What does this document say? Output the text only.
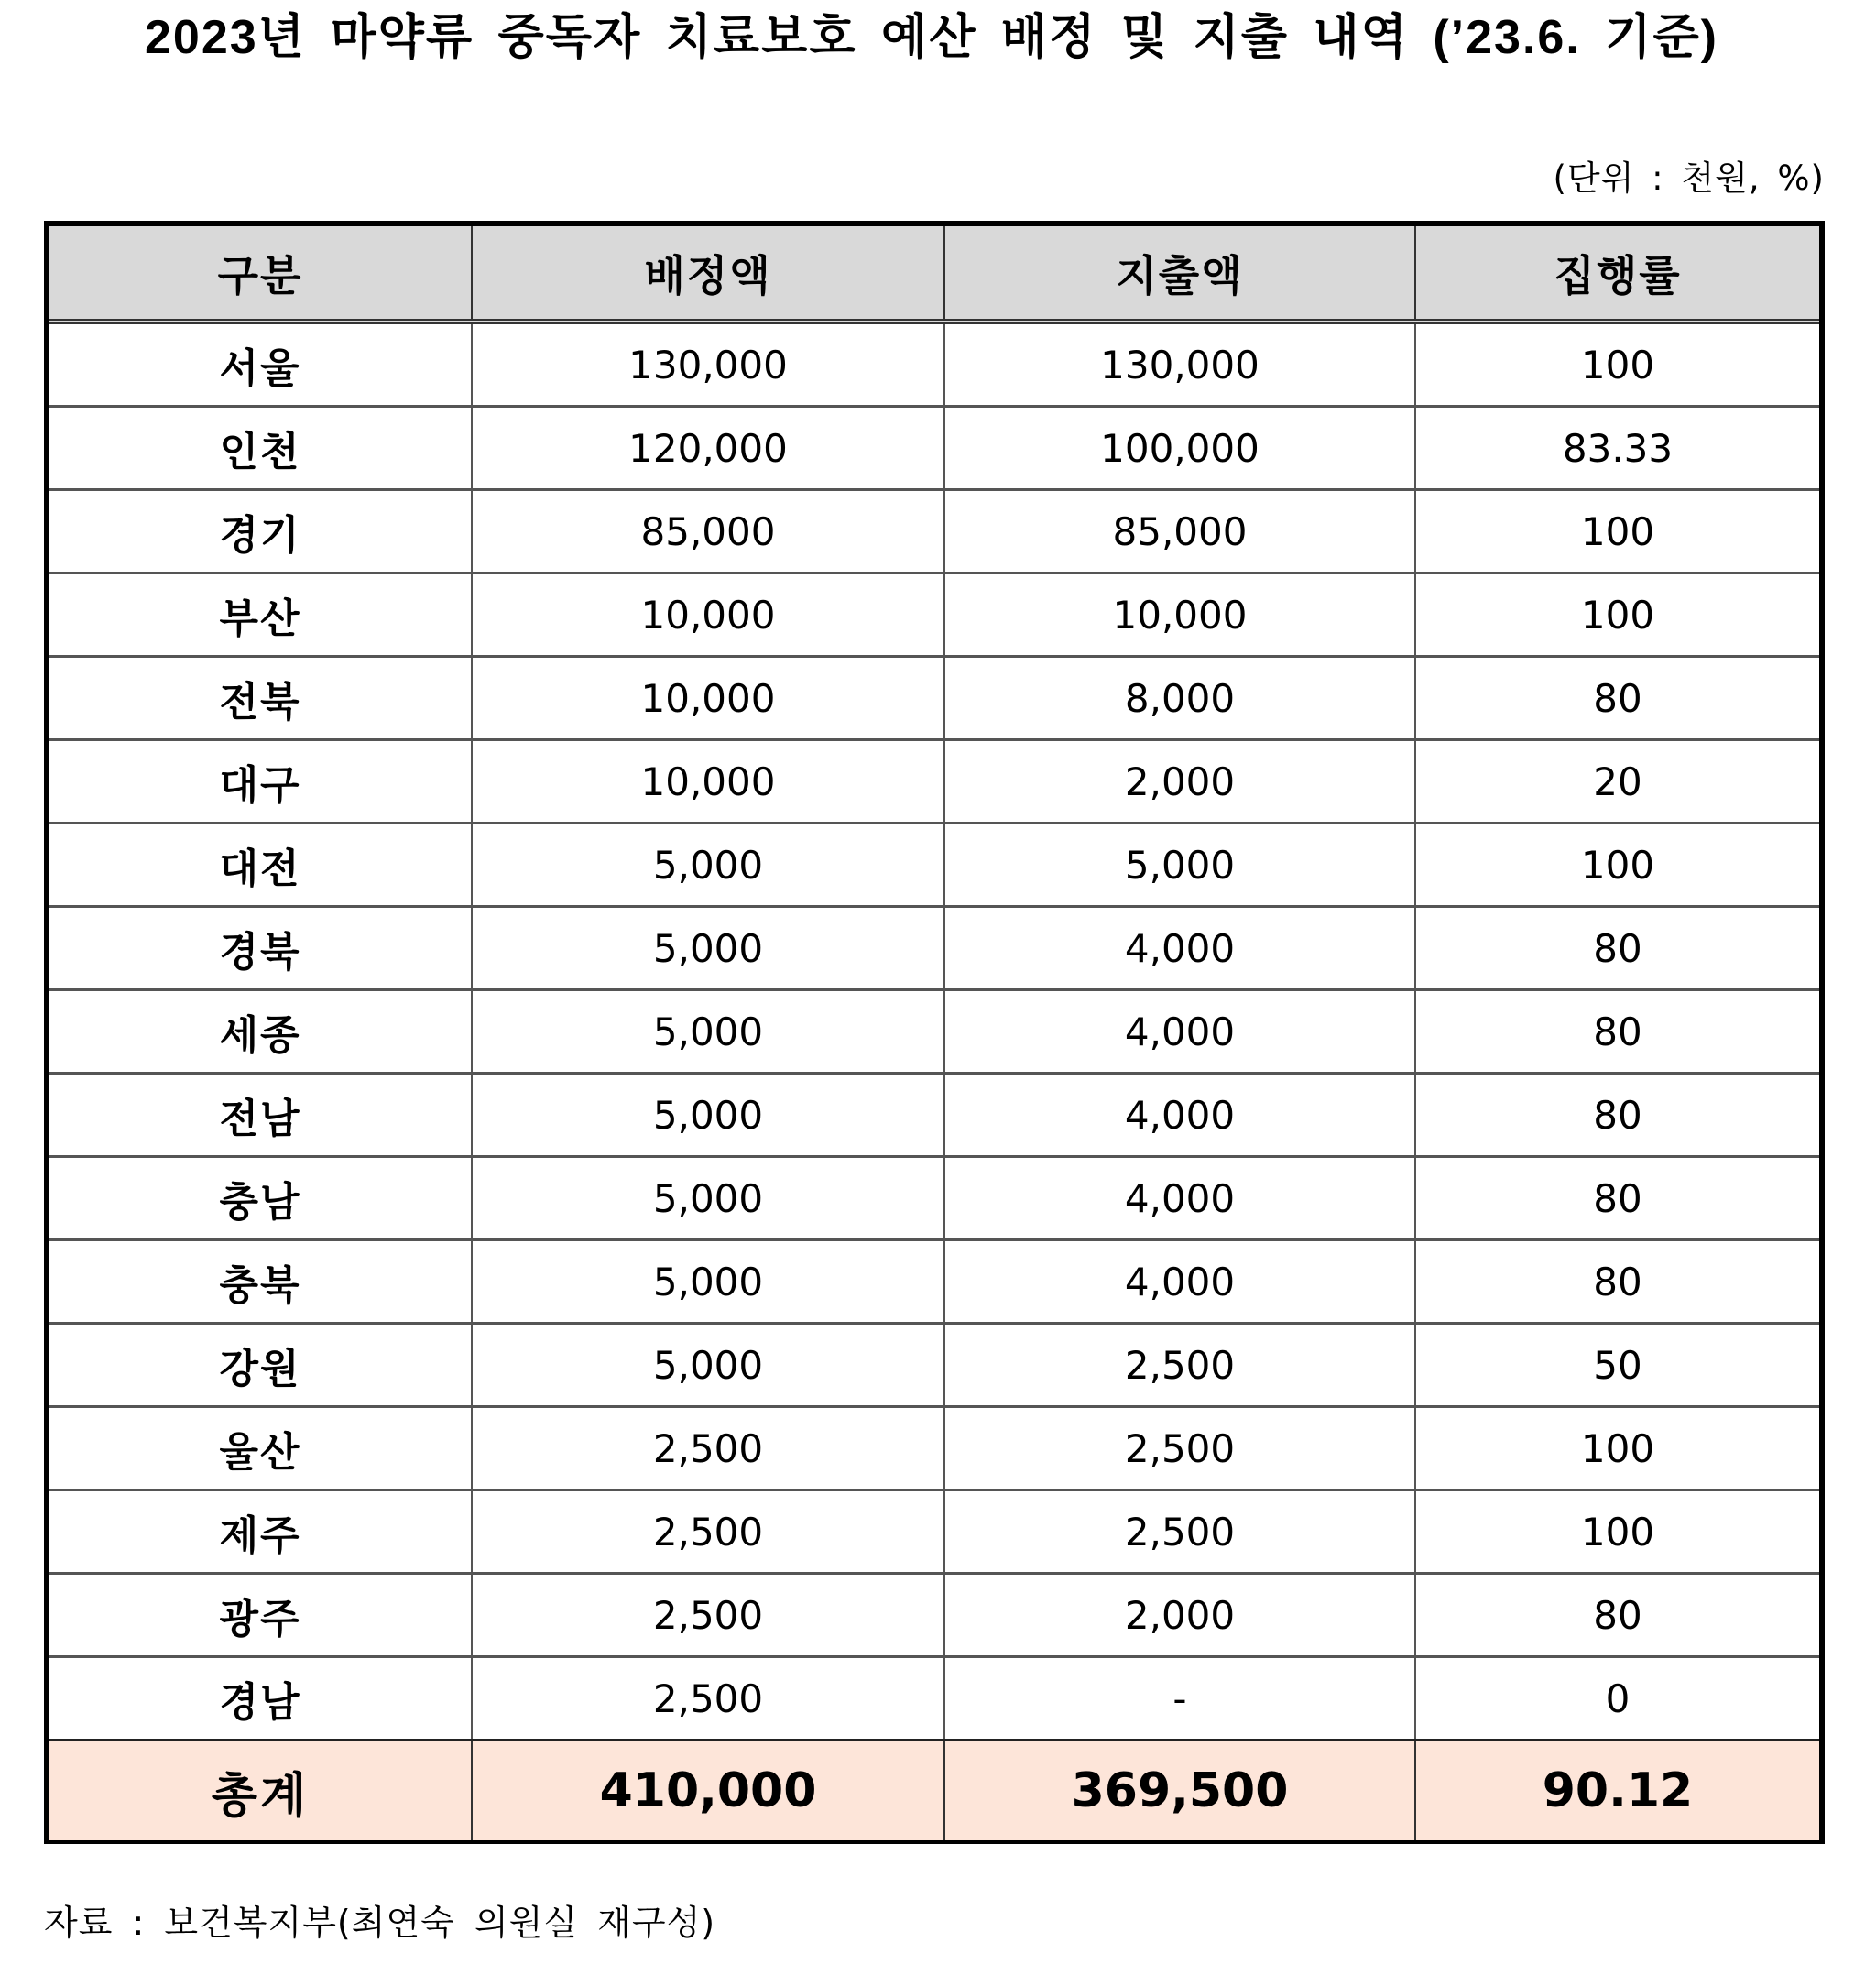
2023년 마약류 중독자 치료보호 예산 배정 및 지출 내역 (’23.6. 기준)
(단위 : 천원, %)
구분	배정액	지출액	집행률
서울	130,000	130,000	100
인천	120,000	100,000	83.33
경기	85,000	85,000	100
부산	10,000	10,000	100
전북	10,000	8,000	80
대구	10,000	2,000	20
대전	5,000	5,000	100
경북	5,000	4,000	80
세종	5,000	4,000	80
전남	5,000	4,000	80
충남	5,000	4,000	80
충북	5,000	4,000	80
강원	5,000	2,500	50
울산	2,500	2,500	100
제주	2,500	2,500	100
광주	2,500	2,000	80
경남	2,500	-	0
총계	410,000	369,500	90.12
자료 : 보건복지부(최연숙 의원실 재구성)
